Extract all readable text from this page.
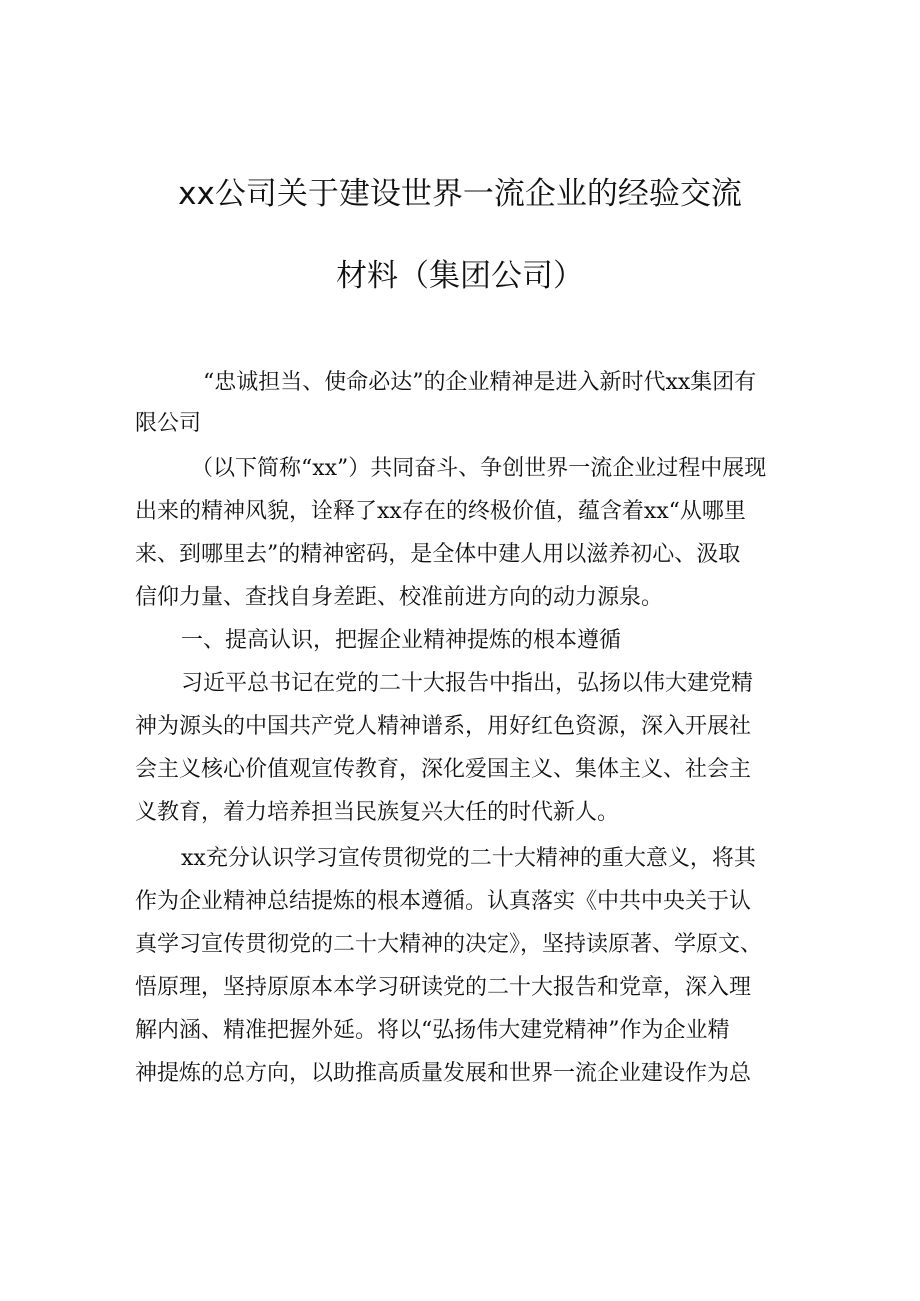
xx公司关于建设世界一流企业的经验交流
材料（集团公司）
“忠诚担当、使命必达”的企业精神是进入新时代xx集团有
限公司
（以下简称“xx”）共同奋斗、争创世界一流企业过程中展现
出来的精神风貌，诠释了xx存在的终极价值，蕴含着xx“从哪里
来、到哪里去”的精神密码，是全体中建人用以滋养初心、汲取
信仰力量、查找自身差距、校准前进方向的动力源泉。
一、提高认识，把握企业精神提炼的根本遵循
习近平总书记在党的二十大报告中指出，弘扬以伟大建党精
神为源头的中国共产党人精神谱系，用好红色资源，深入开展社
会主义核心价值观宣传教育，深化爱国主义、集体主义、社会主
义教育，着力培养担当民族复兴大任的时代新人。
xx充分认识学习宣传贯彻党的二十大精神的重大意义，将其
作为企业精神总结提炼的根本遵循。认真落实《中共中央关于认
真学习宣传贯彻党的二十大精神的决定》，坚持读原著、学原文、
悟原理，坚持原原本本学习研读党的二十大报告和党章，深入理
解内涵、精准把握外延。将以“弘扬伟大建党精神”作为企业精
神提炼的总方向，以助推高质量发展和世界一流企业建设作为总
